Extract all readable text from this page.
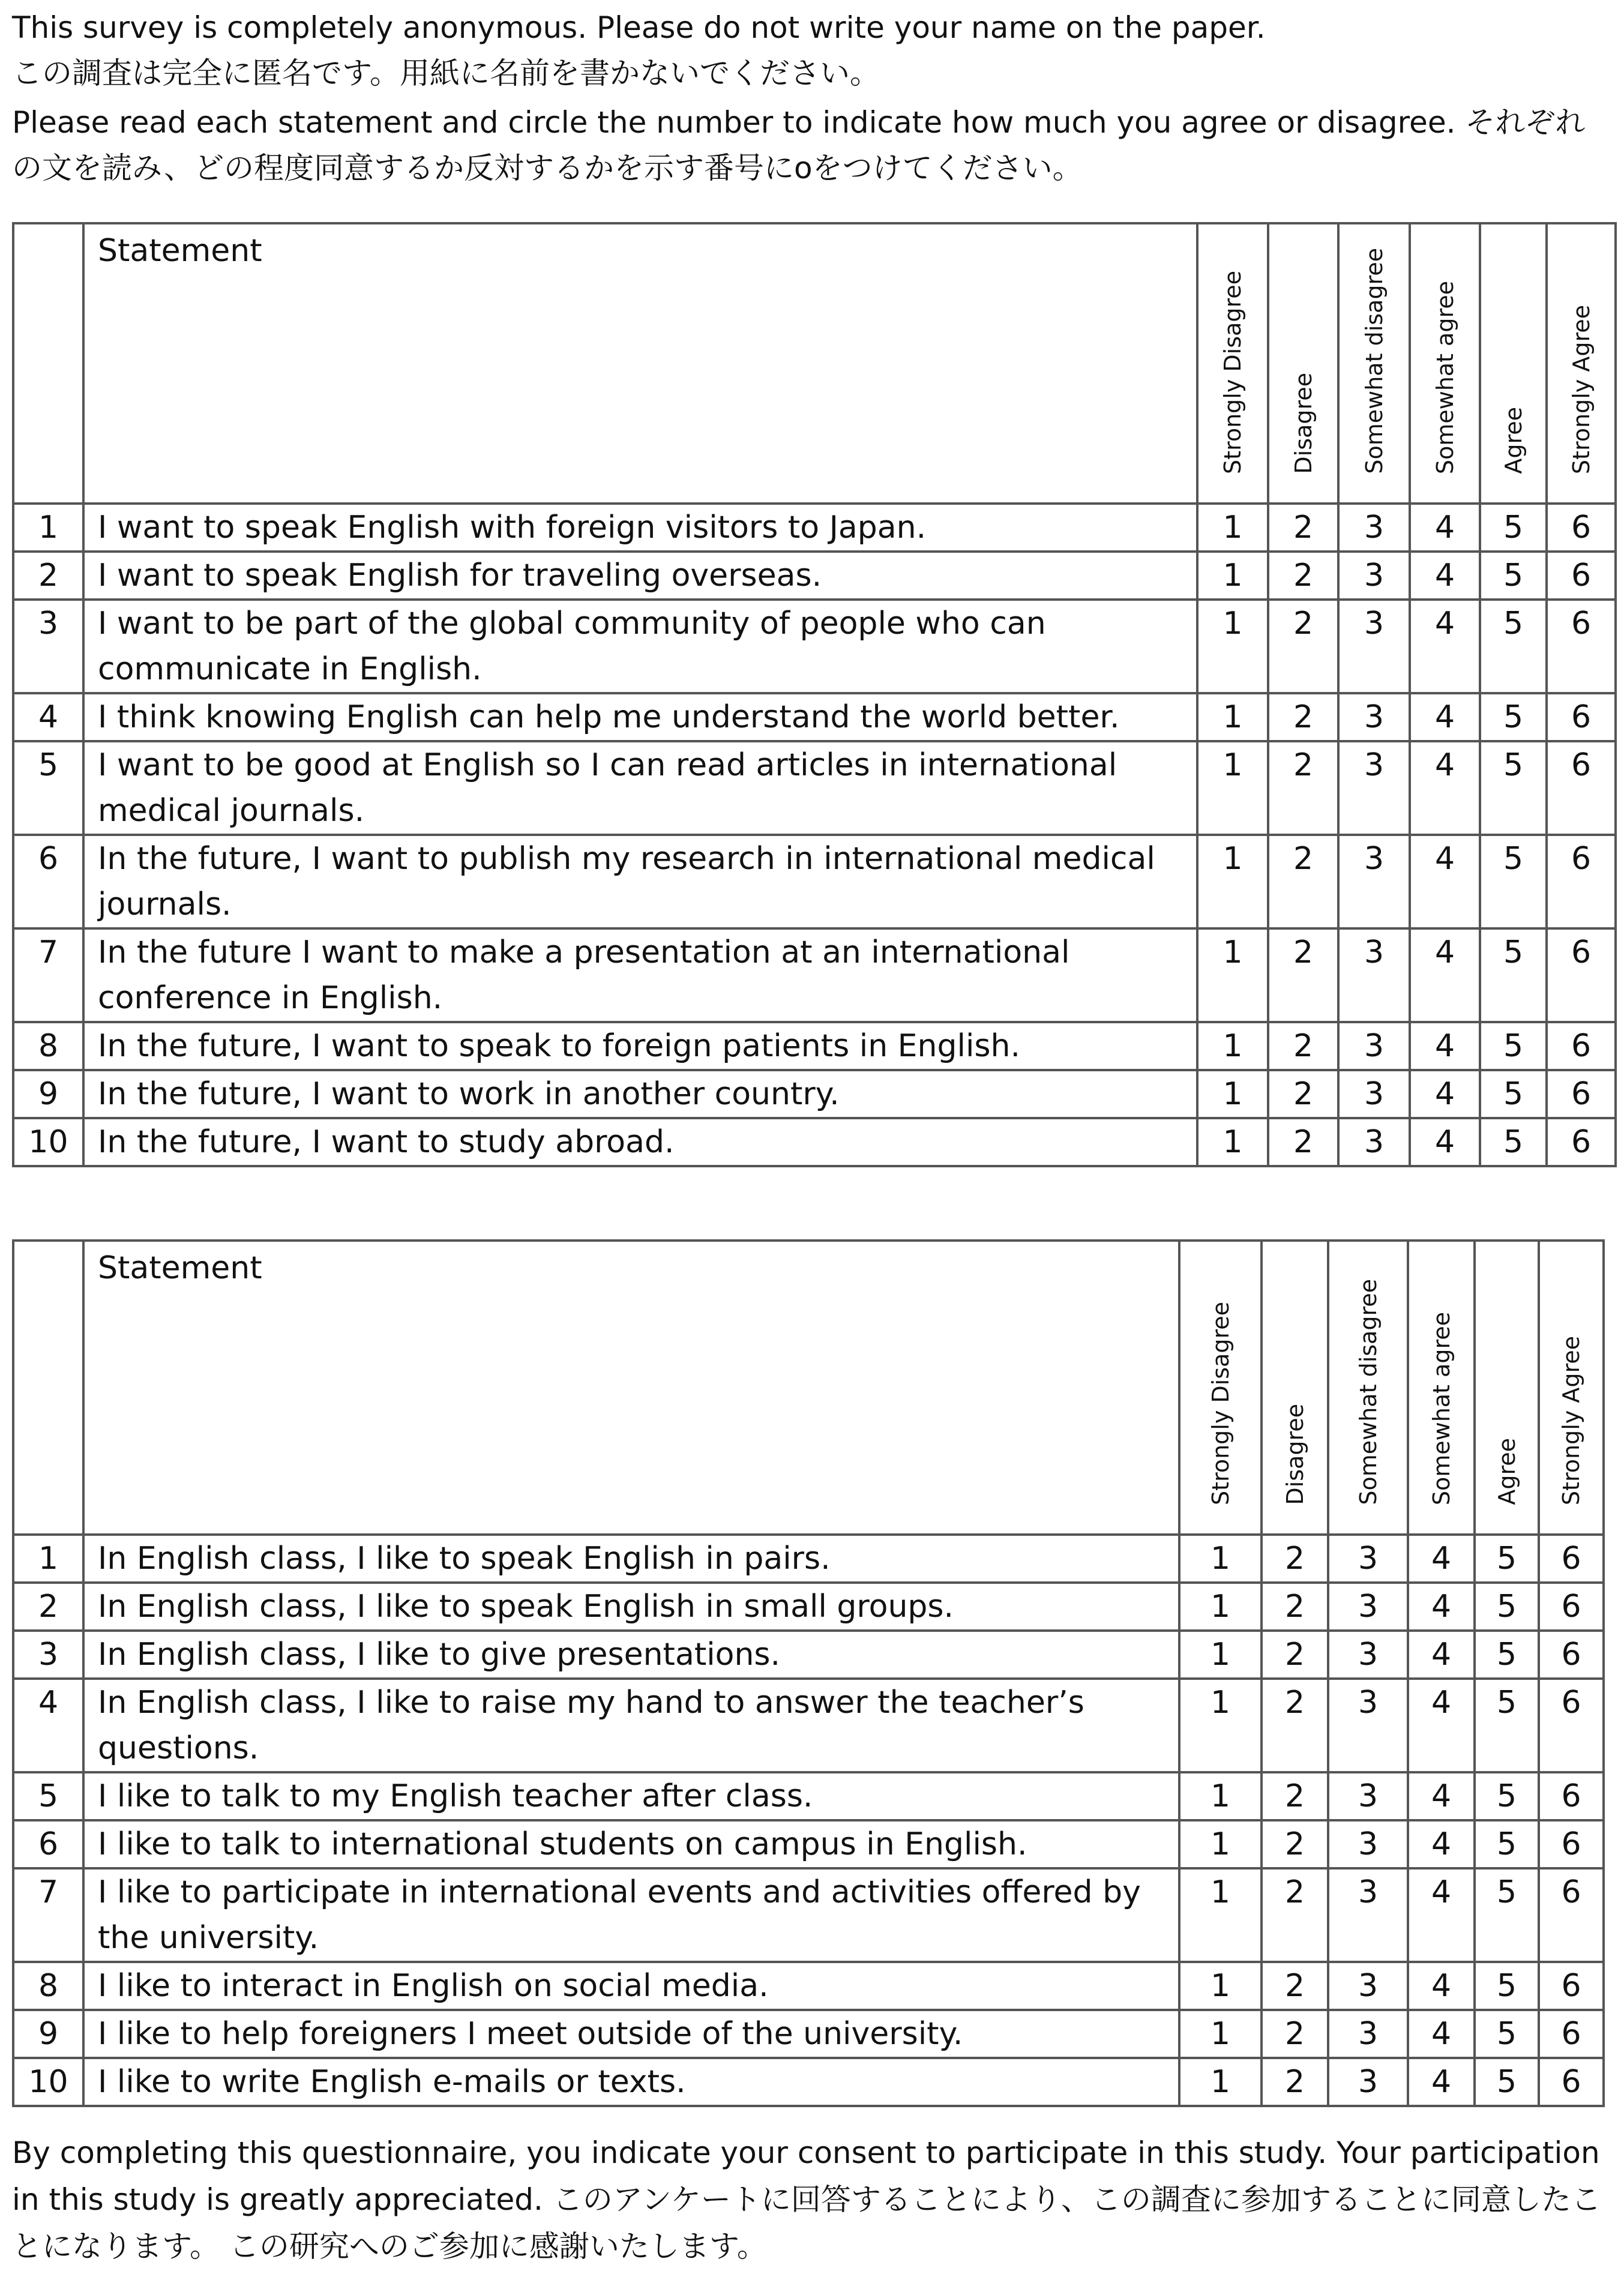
This survey is completely anonymous. Please do not write your name on the paper.

この調査は完全に匿名です。用紙に名前を書かないでください。

Please read each statement and circle the number to indicate how much you agree or disagree. それぞれの文を読み、どの程度同意するか反対するかを示す番号にoをつけてください。

	Statement	Strongly Disagree	Disagree	Somewhat disagree	Somewhat agree	Agree	Strongly Agree
1	I want to speak English with foreign visitors to Japan.	1	2	3	4	5	6
2	I want to speak English for traveling overseas.	1	2	3	4	5	6
3	I want to be part of the global community of people who can communicate in English.	1	2	3	4	5	6
4	I think knowing English can help me understand the world better.	1	2	3	4	5	6
5	I want to be good at English so I can read articles in international medical journals.	1	2	3	4	5	6
6	In the future, I want to publish my research in international medical journals.	1	2	3	4	5	6
7	In the future I want to make a presentation at an international conference in English.	1	2	3	4	5	6
8	In the future, I want to speak to foreign patients in English.	1	2	3	4	5	6
9	In the future, I want to work in another country.	1	2	3	4	5	6
10	In the future, I want to study abroad.	1	2	3	4	5	6
	Statement	Strongly Disagree	Disagree	Somewhat disagree	Somewhat agree	Agree	Strongly Agree
1	In English class, I like to speak English in pairs.	1	2	3	4	5	6
2	In English class, I like to speak English in small groups.	1	2	3	4	5	6
3	In English class, I like to give presentations.	1	2	3	4	5	6
4	In English class, I like to raise my hand to answer the teacher’s questions.	1	2	3	4	5	6
5	I like to talk to my English teacher after class.	1	2	3	4	5	6
6	I like to talk to international students on campus in English.	1	2	3	4	5	6
7	I like to participate in international events and activities offered by the university.	1	2	3	4	5	6
8	I like to interact in English on social media.	1	2	3	4	5	6
9	I like to help foreigners I meet outside of the university.	1	2	3	4	5	6
10	I like to write English e-mails or texts.	1	2	3	4	5	6

By completing this questionnaire, you indicate your consent to participate in this study. Your participation in this study is greatly appreciated. このアンケートに回答することにより、この調査に参加することに同意したことになります。 この研究へのご参加に感謝いたします。
